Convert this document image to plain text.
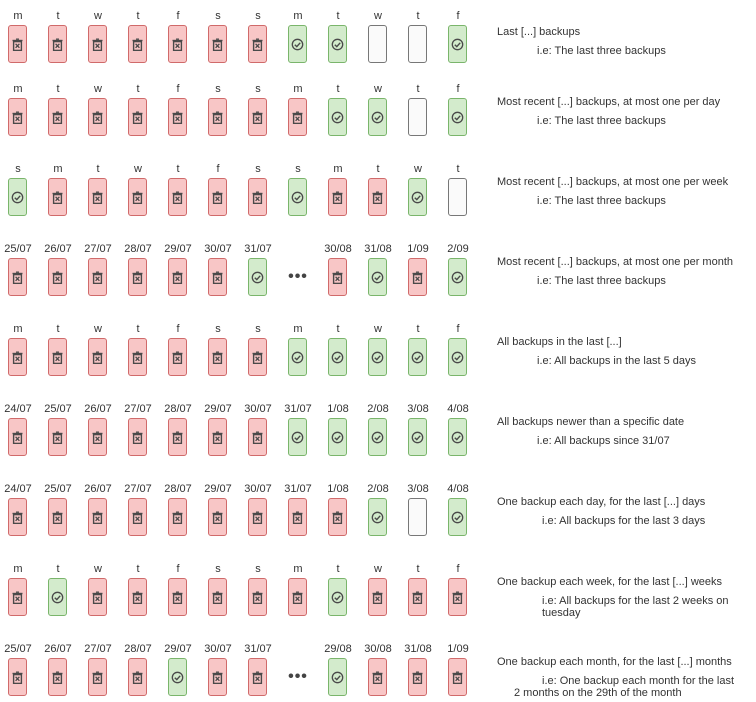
m	t	w	t	f	s	s	m	t	w	t	f
Last [...] backups
i.e: The last three backups
m	t	w	t	f	s	s	m	t	w	t	f
Most recent [...] backups, at most one per day
i.e: The last three backups
s	m	t	w	t	f	s	s	m	t	w	t
Most recent [...] backups, at most one per week
i.e: The last three backups
25/07	26/07	27/07	28/07	29/07	30/07	31/07
•••
30/08	31/08	1/09	2/09
Most recent [...] backups, at most one per month
i.e: The last three backups
m	t	w	t	f	s	s	m	t	w	t	f
All backups in the last [...]
i.e: All backups in the last 5 days
24/07	25/07	26/07	27/07	28/07	29/07	30/07	31/07	1/08	2/08	3/08	4/08
All backups newer than a specific date
i.e: All backups since 31/07
24/07	25/07	26/07	27/07	28/07	29/07	30/07	31/07	1/08	2/08	3/08	4/08
One backup each day, for the last [...] days
i.e: All backups for the last 3 days
m	t	w	t	f	s	s	m	t	w	t	f
One backup each week, for the last [...] weeks
i.e: All backups for the last 2 weeks on
tuesday
25/07	26/07	27/07	28/07	29/07	30/07	31/07
•••
29/08	30/08	31/08	1/09
One backup each month, for the last [...] months
i.e: One backup each month for the last
2 months on the 29th of the month
